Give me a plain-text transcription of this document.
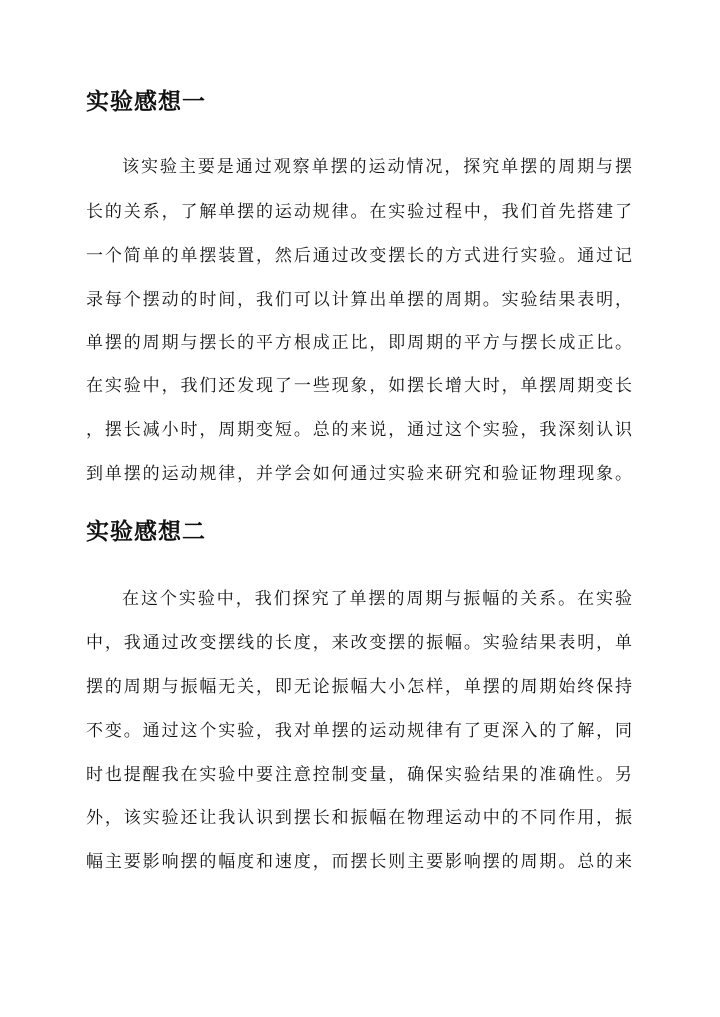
实验感想一
该实验主要是通过观察单摆的运动情况，探究单摆的周期与摆
长的关系，了解单摆的运动规律。在实验过程中，我们首先搭建了
一个简单的单摆装置，然后通过改变摆长的方式进行实验。通过记
录每个摆动的时间，我们可以计算出单摆的周期。实验结果表明，
单摆的周期与摆长的平方根成正比，即周期的平方与摆长成正比。
在实验中，我们还发现了一些现象，如摆长增大时，单摆周期变长
，摆长减小时，周期变短。总的来说，通过这个实验，我深刻认识
到单摆的运动规律，并学会如何通过实验来研究和验证物理现象。
实验感想二
在这个实验中，我们探究了单摆的周期与振幅的关系。在实验
中，我通过改变摆线的长度，来改变摆的振幅。实验结果表明，单
摆的周期与振幅无关，即无论振幅大小怎样，单摆的周期始终保持
不变。通过这个实验，我对单摆的运动规律有了更深入的了解，同
时也提醒我在实验中要注意控制变量，确保实验结果的准确性。另
外，该实验还让我认识到摆长和振幅在物理运动中的不同作用，振
幅主要影响摆的幅度和速度，而摆长则主要影响摆的周期。总的来
